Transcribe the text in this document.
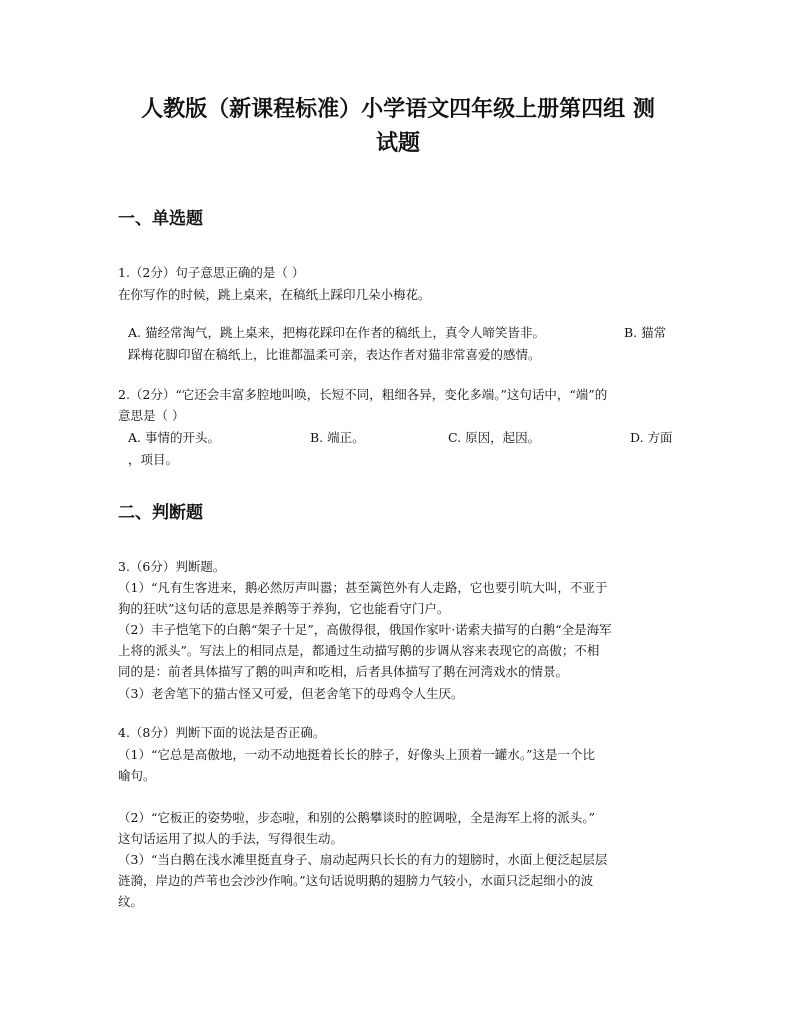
人教版（新课程标准）小学语文四年级上册第四组 测
试题
一、单选题
1.（2分）句子意思正确的是（ ）
在你写作的时候，跳上桌来，在稿纸上踩印几朵小梅花。
A. 猫经常淘气，跳上桌来，把梅花踩印在作者的稿纸上，真令人啼笑皆非。	B. 猫常
踩梅花脚印留在稿纸上，比谁都温柔可亲，表达作者对猫非常喜爱的感情。
2.（2分）“它还会丰富多腔地叫唤，长短不同，粗细各异，变化多端。”这句话中，“端”的
意思是（ ）
A. 事情的开头。	B. 端正。	C. 原因，起因。	D. 方面
，项目。
二、判断题
3.（6分）判断题。
（1）“凡有生客进来，鹅必然厉声叫嚣；甚至篱笆外有人走路，它也要引吭大叫，不亚于
狗的狂吠”这句话的意思是养鹅等于养狗，它也能看守门户。
（2）丰子恺笔下的白鹅“架子十足”，高傲得很，俄国作家叶·诺索夫描写的白鹅“全是海军
上将的派头”。写法上的相同点是，都通过生动描写鹅的步调从容来表现它的高傲；不相
同的是：前者具体描写了鹅的叫声和吃相，后者具体描写了鹅在河湾戏水的情景。
（3）老舍笔下的猫古怪又可爱，但老舍笔下的母鸡令人生厌。
4.（8分）判断下面的说法是否正确。
（1）“它总是高傲地，一动不动地挺着长长的脖子，好像头上顶着一罐水。”这是一个比
喻句。
（2）“它板正的姿势啦，步态啦，和别的公鹅攀谈时的腔调啦，全是海军上将的派头。”
这句话运用了拟人的手法，写得很生动。
（3）“当白鹅在浅水滩里挺直身子、扇动起两只长长的有力的翅膀时，水面上便泛起层层
涟漪，岸边的芦苇也会沙沙作响。”这句话说明鹅的翅膀力气较小，水面只泛起细小的波
纹。
